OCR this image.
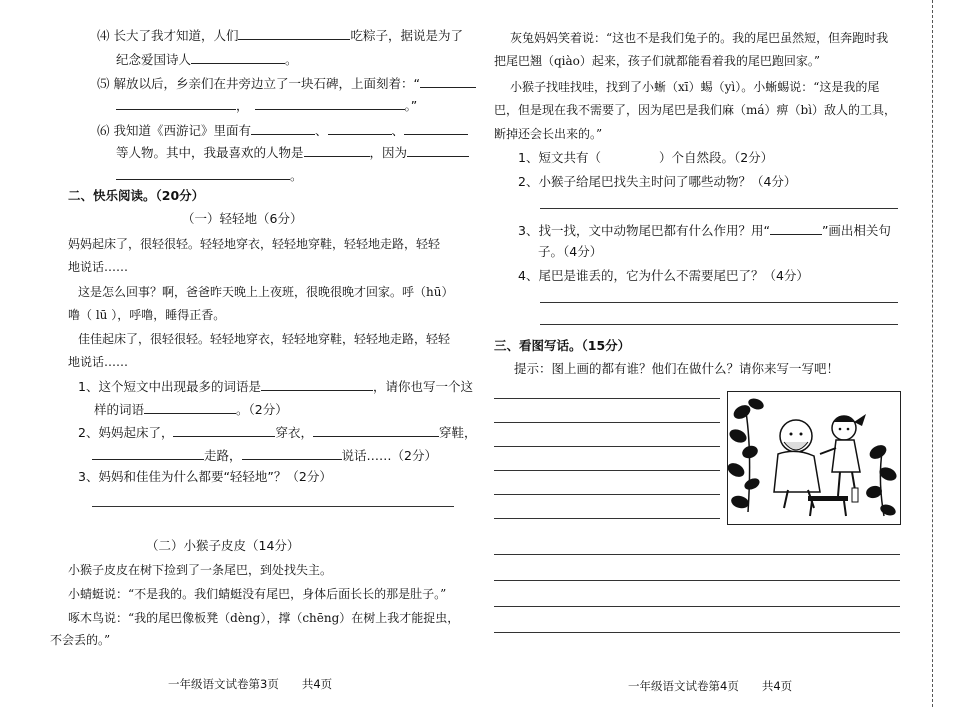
⑷ 长大了我才知道，人们	吃粽子，据说是为了
纪念爱国诗人	。
⑸ 解放以后，乡亲们在井旁边立了一块石碑，上面刻着：“
，	。”
⑹ 我知道《西游记》里面有	、	、
等人物。其中，我最喜欢的人物是	，因为
。
二、快乐阅读。（20分）
（一）轻轻地（6分）
妈妈起床了，很轻很轻。轻轻地穿衣，轻轻地穿鞋，轻轻地走路，轻轻
地说话……
这是怎么回事？啊，爸爸昨天晚上上夜班，很晚很晚才回家。呼（hū）
噜（ lū ），呼噜，睡得正香。
佳佳起床了，很轻很轻。轻轻地穿衣，轻轻地穿鞋，轻轻地走路，轻轻
地说话……
1、这个短文中出现最多的词语是	，请你也写一个这
样的词语	。（2分）
2、妈妈起床了，	穿衣，	穿鞋，
走路，	说话……（2分）
3、妈妈和佳佳为什么都要“轻轻地”？（2分）
（二）小猴子皮皮（14分）
小猴子皮皮在树下捡到了一条尾巴，到处找失主。
小蜻蜓说：“不是我的。我们蜻蜓没有尾巴，身体后面长长的那是肚子。”
啄木鸟说：“我的尾巴像板凳（dèng），撑（chēng）在树上我才能捉虫，
不会丢的。”
一年级语文试卷第3页　　共4页
灰兔妈妈笑着说：“这也不是我们兔子的。我的尾巴虽然短，但奔跑时我
把尾巴翘（qiào）起来，孩子们就都能看着我的尾巴跑回家。”
小猴子找哇找哇，找到了小蜥（xī）蜴（yì）。小蜥蜴说：“这是我的尾
巴，但是现在我不需要了，因为尾巴是我们麻（má）痹（bì）敌人的工具，
断掉还会长出来的。”
1、短文共有（	）个自然段。（2分）
2、小猴子给尾巴找失主时问了哪些动物？（4分）
3、找一找，文中动物尾巴都有什么作用？用“	”画出相关句
子。（4分）
4、尾巴是谁丢的，它为什么不需要尾巴了？（4分）
三、看图写话。（15分）
提示：图上画的都有谁？他们在做什么？请你来写一写吧！
一年级语文试卷第4页　　共4页
